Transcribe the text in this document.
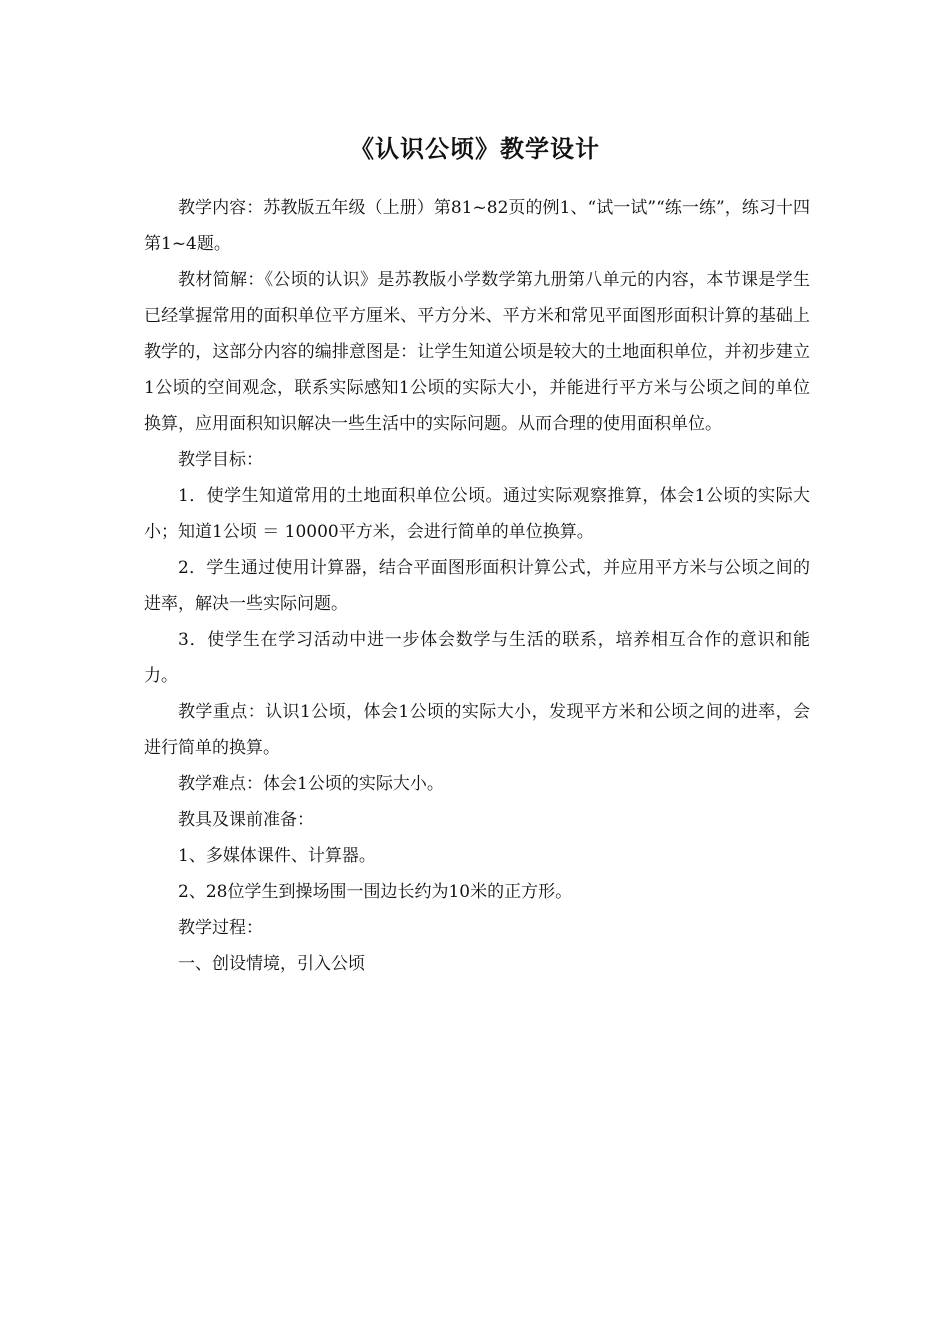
《认识公顷》教学设计

教学内容：苏教版五年级（上册）第81~82页的例1、“试一试”“练一练”，练习十四第1~4题。

教材简解：《公顷的认识》是苏教版小学数学第九册第八单元的内容，本节课是学生已经掌握常用的面积单位平方厘米、平方分米、平方米和常见平面图形面积计算的基础上教学的，这部分内容的编排意图是：让学生知道公顷是较大的土地面积单位，并初步建立1公顷的空间观念，联系实际感知1公顷的实际大小，并能进行平方米与公顷之间的单位换算，应用面积知识解决一些生活中的实际问题。从而合理的使用面积单位。

教学目标：

1．使学生知道常用的土地面积单位公顷。通过实际观察推算，体会1公顷的实际大小；知道1公顷 ＝ 10000平方米，会进行简单的单位换算。

2．学生通过使用计算器，结合平面图形面积计算公式，并应用平方米与公顷之间的进率，解决一些实际问题。

3．使学生在学习活动中进一步体会数学与生活的联系，培养相互合作的意识和能力。

教学重点：认识1公顷，体会1公顷的实际大小，发现平方米和公顷之间的进率，会进行简单的换算。

教学难点：体会1公顷的实际大小。

教具及课前准备：

1、多媒体课件、计算器。

2、28位学生到操场围一围边长约为10米的正方形。

教学过程：

一、创设情境，引入公顷
